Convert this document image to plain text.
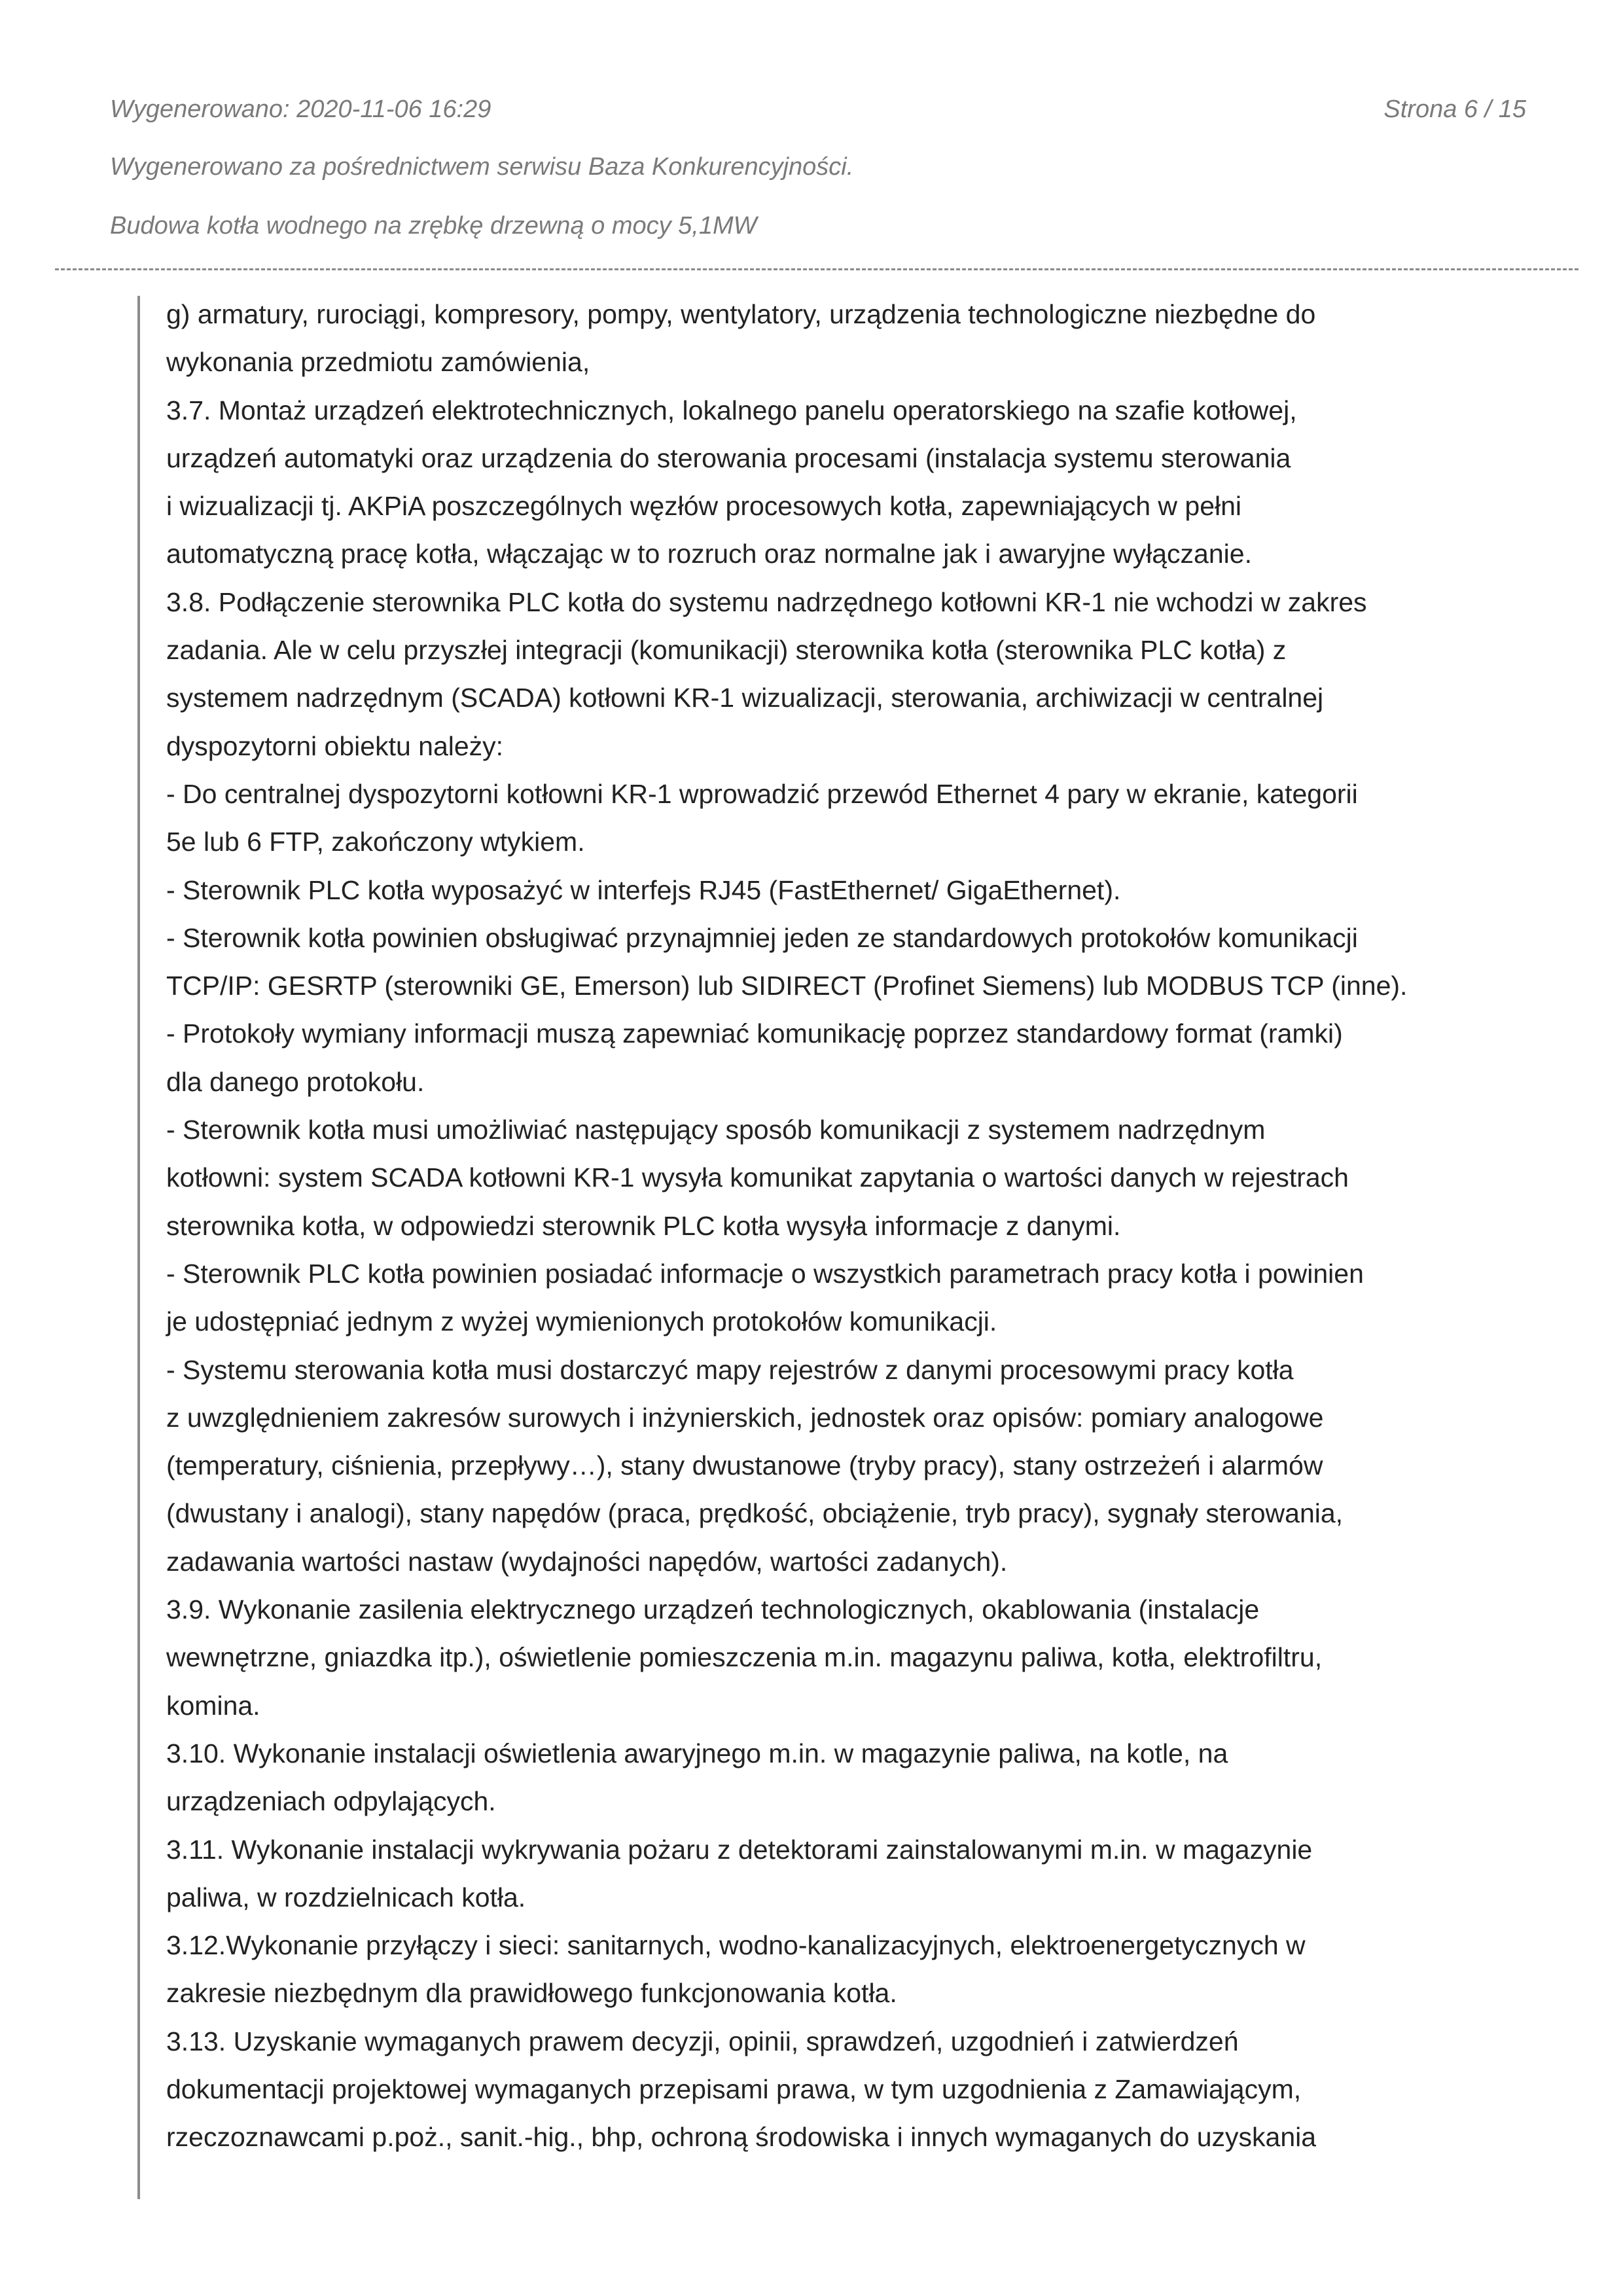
Wygenerowano: 2020-11-06 16:29	Strona 6 / 15
Wygenerowano za pośrednictwem serwisu Baza Konkurencyjności.
Budowa kotła wodnego na zrębkę drzewną o mocy 5,1MW

g) armatury, rurociągi, kompresory, pompy, wentylatory, urządzenia technologiczne niezbędne do

wykonania przedmiotu zamówienia,

3.7. Montaż urządzeń elektrotechnicznych, lokalnego panelu operatorskiego na szafie kotłowej,

urządzeń automatyki oraz urządzenia do sterowania procesami (instalacja systemu sterowania

i wizualizacji tj. AKPiA poszczególnych węzłów procesowych kotła, zapewniających w pełni

automatyczną pracę kotła, włączając w to rozruch oraz normalne jak i awaryjne wyłączanie.

3.8. Podłączenie sterownika PLC kotła do systemu nadrzędnego kotłowni KR-1 nie wchodzi w zakres

zadania. Ale w celu przyszłej integracji (komunikacji) sterownika kotła (sterownika PLC kotła) z

systemem nadrzędnym (SCADA) kotłowni KR-1 wizualizacji, sterowania, archiwizacji w centralnej

dyspozytorni obiektu należy:

- Do centralnej dyspozytorni kotłowni KR-1 wprowadzić przewód Ethernet 4 pary w ekranie, kategorii

5e lub 6 FTP, zakończony wtykiem.

- Sterownik PLC kotła wyposażyć w interfejs RJ45 (FastEthernet/ GigaEthernet).

- Sterownik kotła powinien obsługiwać przynajmniej jeden ze standardowych protokołów komunikacji

TCP/IP: GESRTP (sterowniki GE, Emerson) lub SIDIRECT (Profinet Siemens) lub MODBUS TCP (inne).

- Protokoły wymiany informacji muszą zapewniać komunikację poprzez standardowy format (ramki)

dla danego protokołu.

- Sterownik kotła musi umożliwiać następujący sposób komunikacji z systemem nadrzędnym

kotłowni: system SCADA kotłowni KR-1 wysyła komunikat zapytania o wartości danych w rejestrach

sterownika kotła, w odpowiedzi sterownik PLC kotła wysyła informacje z danymi.

- Sterownik PLC kotła powinien posiadać informacje o wszystkich parametrach pracy kotła i powinien

je udostępniać jednym z wyżej wymienionych protokołów komunikacji.

- Systemu sterowania kotła musi dostarczyć mapy rejestrów z danymi procesowymi pracy kotła

z uwzględnieniem zakresów surowych i inżynierskich, jednostek oraz opisów: pomiary analogowe

(temperatury, ciśnienia, przepływy…), stany dwustanowe (tryby pracy), stany ostrzeżeń i alarmów

(dwustany i analogi), stany napędów (praca, prędkość, obciążenie, tryb pracy), sygnały sterowania,

zadawania wartości nastaw (wydajności napędów, wartości zadanych).

3.9. Wykonanie zasilenia elektrycznego urządzeń technologicznych, okablowania (instalacje

wewnętrzne, gniazdka itp.), oświetlenie pomieszczenia m.in. magazynu paliwa, kotła, elektrofiltru,

komina.

3.10. Wykonanie instalacji oświetlenia awaryjnego m.in. w magazynie paliwa, na kotle, na

urządzeniach odpylających.

3.11. Wykonanie instalacji wykrywania pożaru z detektorami zainstalowanymi m.in. w magazynie

paliwa, w rozdzielnicach kotła.

3.12.Wykonanie przyłączy i sieci: sanitarnych, wodno-kanalizacyjnych, elektroenergetycznych w

zakresie niezbędnym dla prawidłowego funkcjonowania kotła.

3.13. Uzyskanie wymaganych prawem decyzji, opinii, sprawdzeń, uzgodnień i zatwierdzeń

dokumentacji projektowej wymaganych przepisami prawa, w tym uzgodnienia z Zamawiającym,

rzeczoznawcami p.poż., sanit.-hig., bhp, ochroną środowiska i innych wymaganych do uzyskania
